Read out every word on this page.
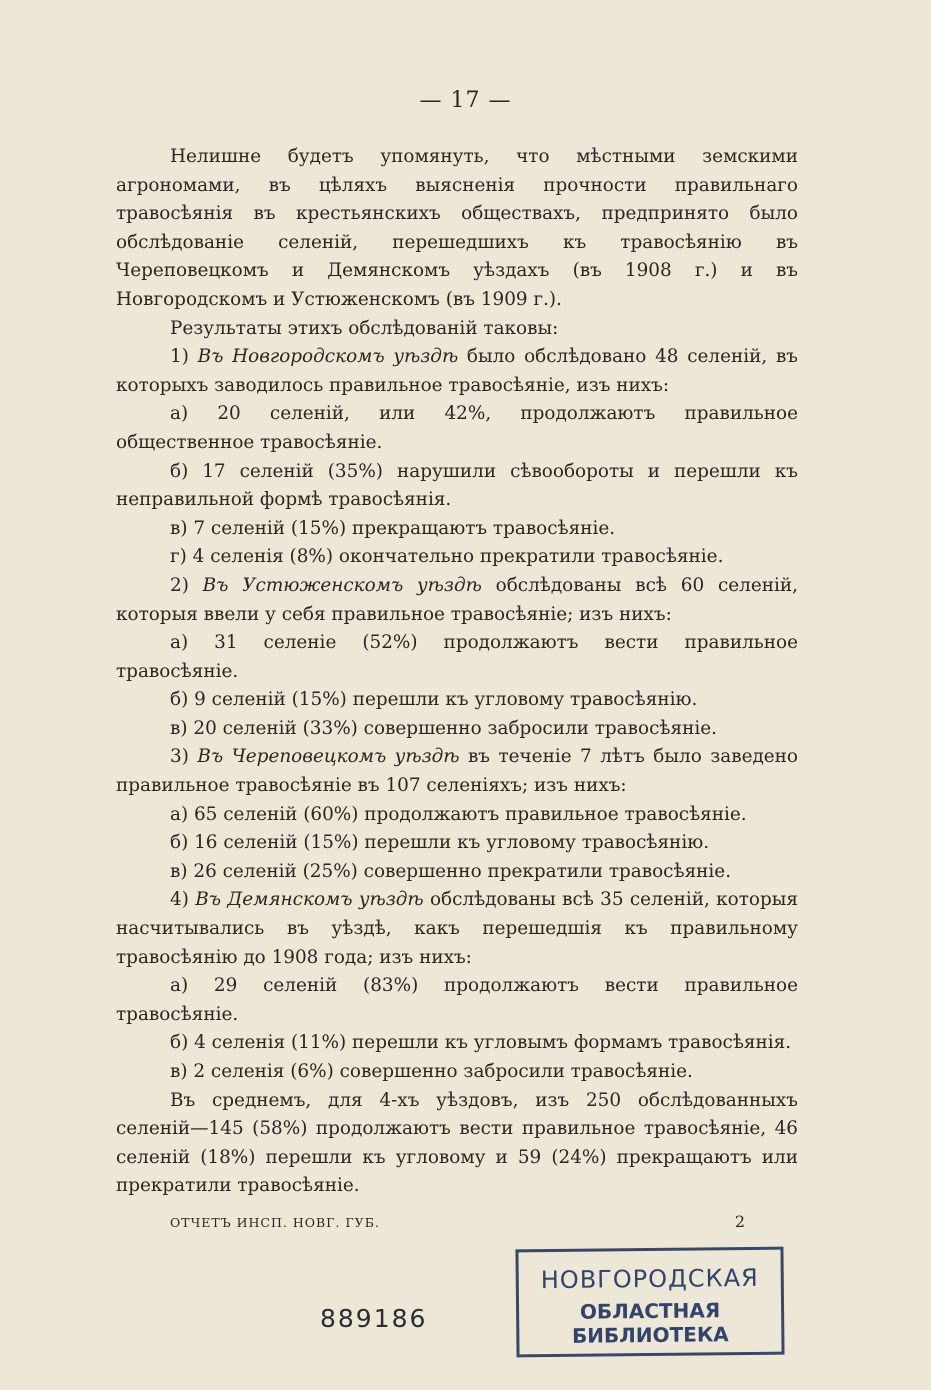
— 17 —

Нелишне будетъ упомянуть, что мѣстными земскими агрономами, въ цѣляхъ выясненія прочности правильнаго травосѣянія въ крестьянскихъ обществахъ, предпринято было обслѣдованіе селеній, перешедшихъ къ травосѣянію въ Череповецкомъ и Демянскомъ уѣздахъ (въ 1908 г.) и въ Новгородскомъ и Устюженскомъ (въ 1909 г.).

Результаты этихъ обслѣдованій таковы:

1) Въ Новгородскомъ уѣздѣ было обслѣдовано 48 селеній, въ которыхъ заводилось правильное травосѣяніе, изъ нихъ:

а) 20 селеній, или 42%, продолжаютъ правильное общественное травосѣяніе.

б) 17 селеній (35%) нарушили сѣвообороты и перешли къ неправильной формѣ травосѣянія.

в) 7 селеній (15%) прекращаютъ травосѣяніе.

г) 4 селенія (8%) окончательно прекратили травосѣяніе.

2) Въ Устюженскомъ уѣздѣ обслѣдованы всѣ 60 селеній, которыя ввели у себя правильное травосѣяніе; изъ нихъ:

а) 31 селеніе (52%) продолжаютъ вести правильное травосѣяніе.

б) 9 селеній (15%) перешли къ угловому травосѣянію.

в) 20 селеній (33%) совершенно забросили травосѣяніе.

3) Въ Череповецкомъ уѣздѣ въ теченіе 7 лѣтъ было заведено правильное травосѣяніе въ 107 селеніяхъ; изъ нихъ:

а) 65 селеній (60%) продолжаютъ правильное травосѣяніе.

б) 16 селеній (15%) перешли къ угловому травосѣянію.

в) 26 селеній (25%) совершенно прекратили травосѣяніе.

4) Въ Демянскомъ уѣздѣ обслѣдованы всѣ 35 селеній, которыя насчитывались въ уѣздѣ, какъ перешедшія къ правильному травосѣянію до 1908 года; изъ нихъ:

а) 29 селеній (83%) продолжаютъ вести правильное травосѣяніе.

б) 4 селенія (11%) перешли къ угловымъ формамъ травосѣянія.

в) 2 селенія (6%) совершенно забросили травосѣяніе.

Въ среднемъ, для 4-хъ уѣздовъ, изъ 250 обслѣдованныхъ селеній—145 (58%) продолжаютъ вести правильное травосѣяніе, 46 селеній (18%) перешли къ угловому и 59 (24%) прекращаютъ или прекратили травосѣяніе.

ОТЧЕТЪ ИНСП. НОВГ. ГУБ.	2
889186
НОВГОРОДСКАЯ
ОБЛАСТНАЯ БИБЛИОТЕКА
